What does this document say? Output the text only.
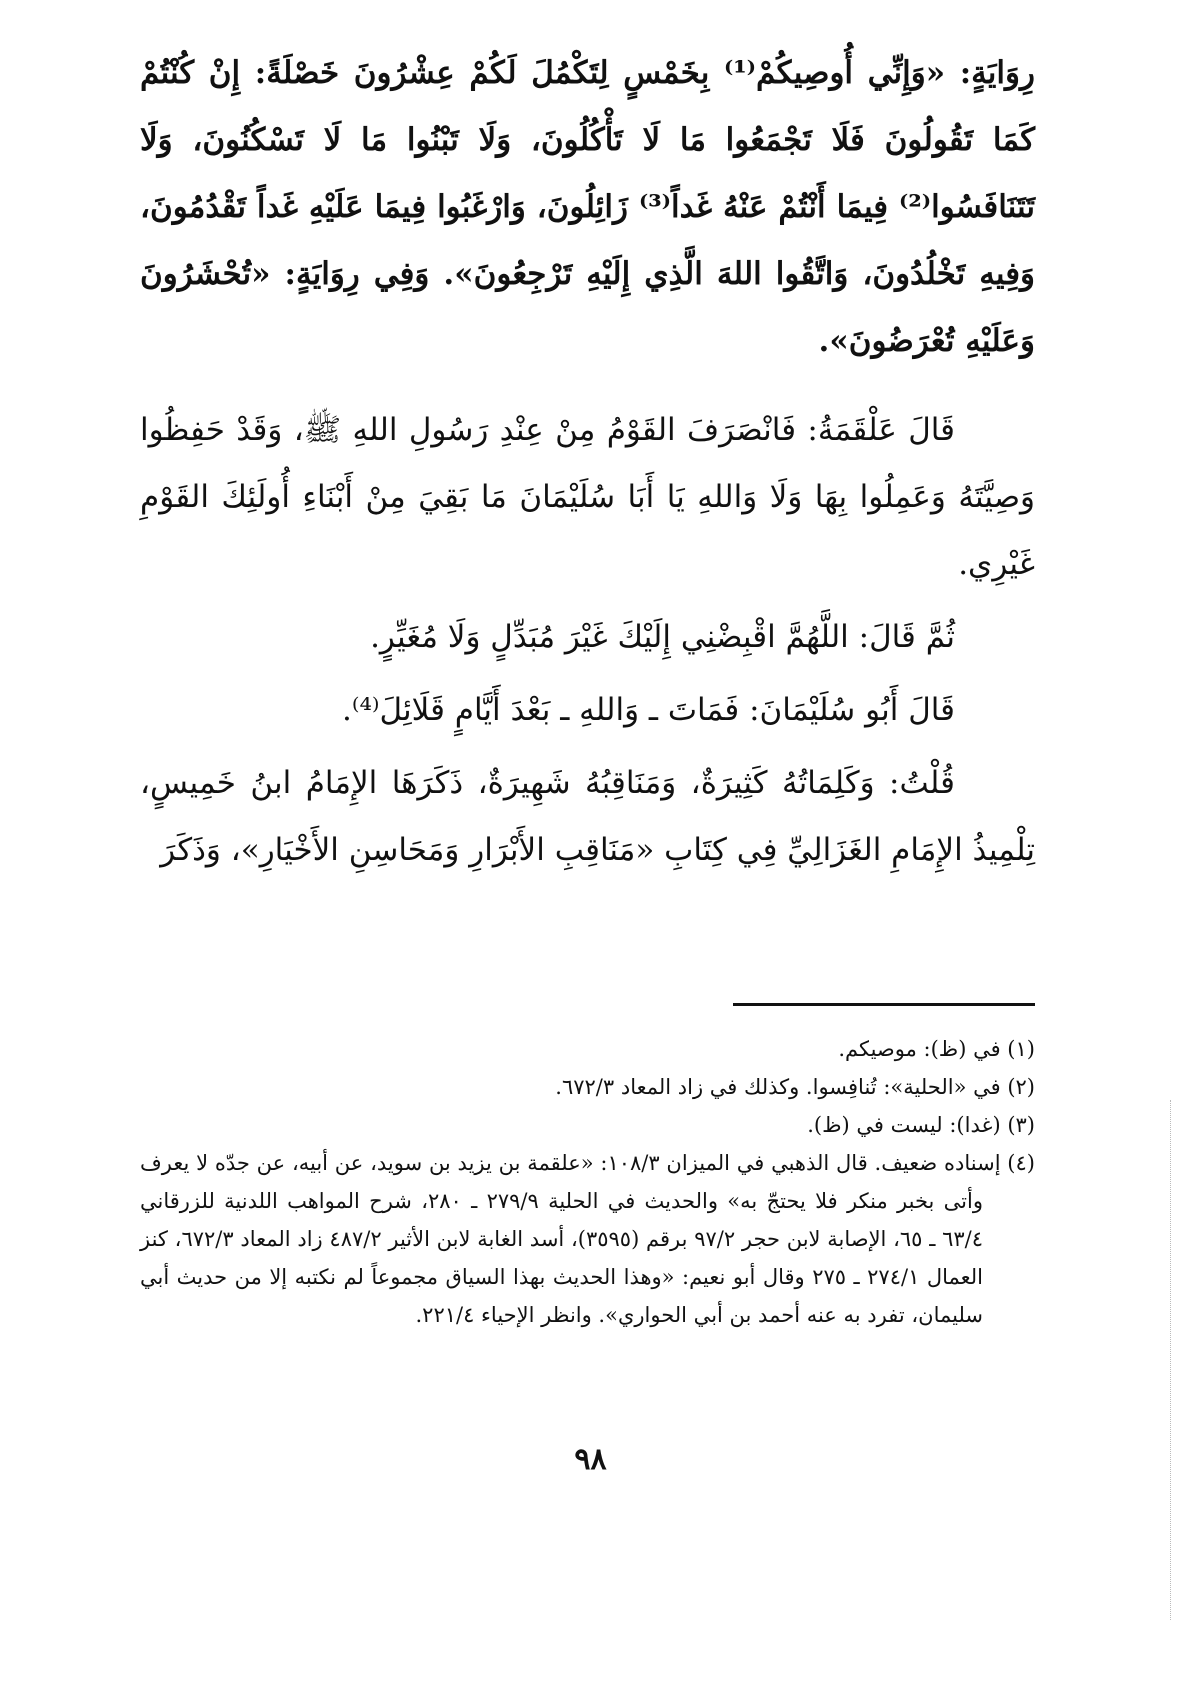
رِوَايَةٍ: «وَإِنِّي أُوصِيكُمْ⁽¹⁾ بِخَمْسٍ لِتَكْمُلَ لَكُمْ عِشْرُونَ خَصْلَةً: إِنْ كُنْتُمْ كَمَا تَقُولُونَ فَلَا تَجْمَعُوا مَا لَا تَأْكُلُونَ، وَلَا تَبْنُوا مَا لَا تَسْكُنُونَ، وَلَا تَتَنَافَسُوا⁽²⁾ فِيمَا أَنْتُمْ عَنْهُ غَداً⁽³⁾ زَائِلُونَ، وَارْغَبُوا فِيمَا عَلَيْهِ غَداً تَقْدُمُونَ، وَفِيهِ تَخْلُدُونَ، وَاتَّقُوا اللهَ الَّذِي إِلَيْهِ تَرْجِعُونَ». وَفِي رِوَايَةٍ: «تُحْشَرُونَ وَعَلَيْهِ تُعْرَضُونَ».

قَالَ عَلْقَمَةُ: فَانْصَرَفَ القَوْمُ مِنْ عِنْدِ رَسُولِ اللهِ ﷺ، وَقَدْ حَفِظُوا وَصِيَّتَهُ وَعَمِلُوا بِهَا وَلَا وَاللهِ يَا أَبَا سُلَيْمَانَ مَا بَقِيَ مِنْ أَبْنَاءِ أُولَئِكَ القَوْمِ غَيْرِي.

ثُمَّ قَالَ: اللَّهُمَّ اقْبِضْنِي إِلَيْكَ غَيْرَ مُبَدِّلٍ وَلَا مُغَيِّرٍ.

قَالَ أَبُو سُلَيْمَانَ: فَمَاتَ ـ وَاللهِ ـ بَعْدَ أَيَّامٍ قَلَائِلَ⁽⁴⁾.

قُلْتُ: وَكَلِمَاتُهُ كَثِيرَةٌ، وَمَنَاقِبُهُ شَهِيرَةٌ، ذَكَرَهَا الإِمَامُ ابنُ خَمِيسٍ، تِلْمِيذُ الإِمَامِ الغَزَالِيِّ فِي كِتَابِ «مَنَاقِبِ الأَبْرَارِ وَمَحَاسِنِ الأَخْيَارِ»، وَذَكَرَ

(١) في (ظ): موصيكم.

(٢) في «الحلية»: تُنافِسوا. وكذلك في زاد المعاد ٦٧٢/٣.

(٣) (غدا): ليست في (ظ).

(٤) إسناده ضعيف. قال الذهبي في الميزان ١٠٨/٣: «علقمة بن يزيد بن سويد، عن أبيه، عن جدّه لا يعرف وأتى بخبر منكر فلا يحتجّ به» والحديث في الحلية ٢٧٩/٩ ـ ٢٨٠، شرح المواهب اللدنية للزرقاني ٦٣/٤ ـ ٦٥، الإصابة لابن حجر ٩٧/٢ برقم (٣٥٩٥)، أسد الغابة لابن الأثير ٤٨٧/٢ زاد المعاد ٦٧٢/٣، كنز العمال ٢٧٤/١ ـ ٢٧٥ وقال أبو نعيم: «وهذا الحديث بهذا السياق مجموعاً لم نكتبه إلا من حديث أبي سليمان، تفرد به عنه أحمد بن أبي الحواري». وانظر الإحياء ٢٢١/٤.

٩٨
